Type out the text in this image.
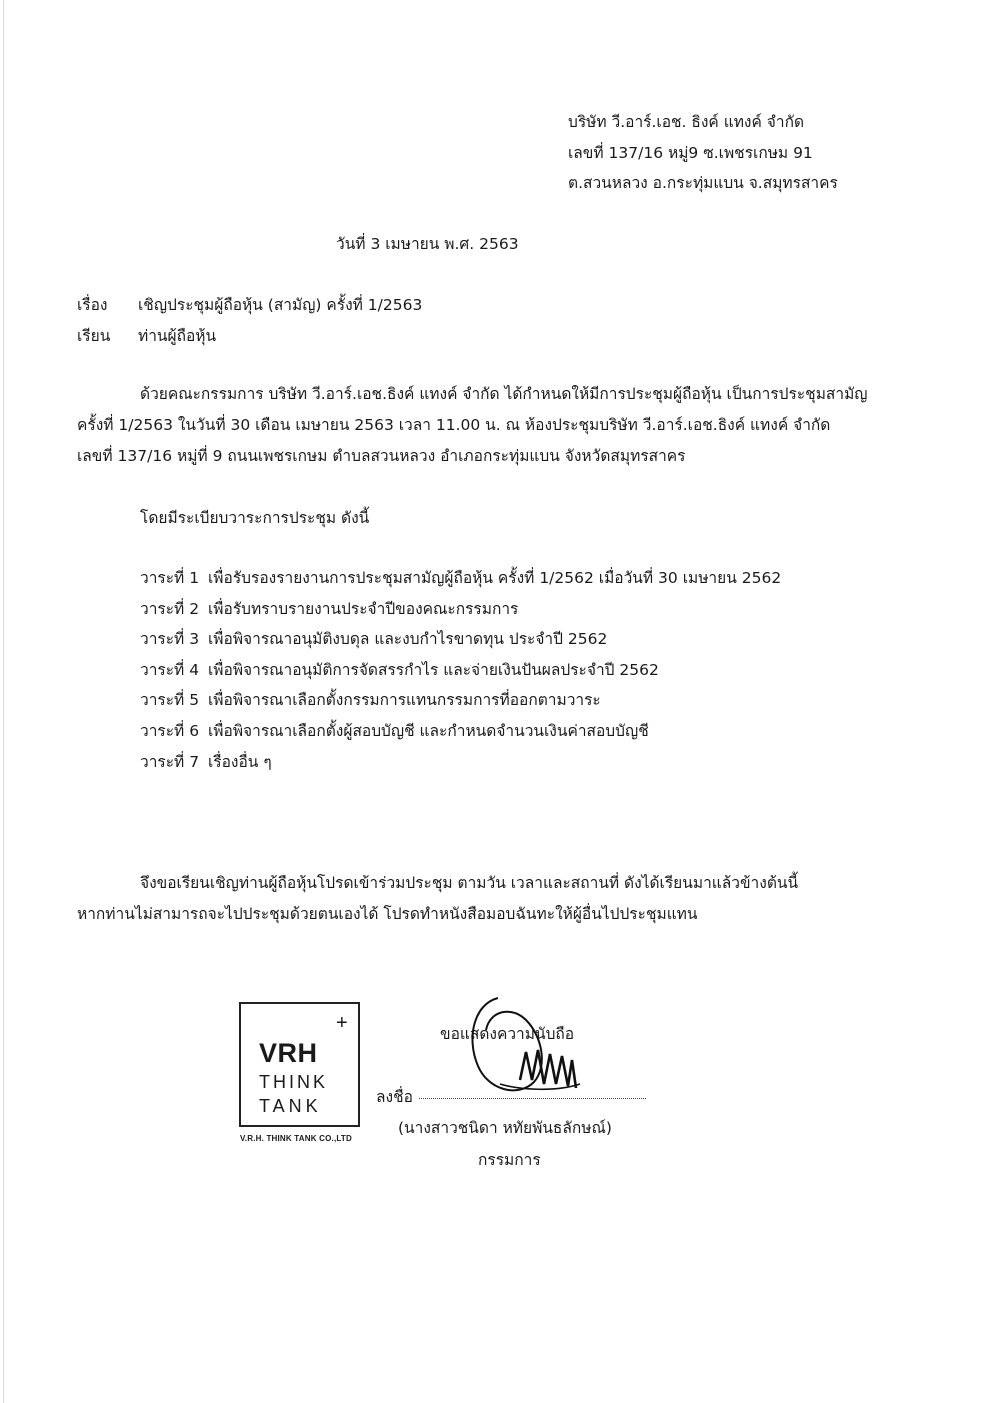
บริษัท วี.อาร์.เอช. ธิงค์ แทงค์ จำกัด
เลขที่ 137/16 หมู่9 ซ.เพชรเกษม 91
ต.สวนหลวง อ.กระทุ่มแบน จ.สมุทรสาคร
วันที่ 3 เมษายน พ.ศ. 2563
เรื่อง เชิญประชุมผู้ถือหุ้น (สามัญ) ครั้งที่ 1/2563
เรียน ท่านผู้ถือหุ้น
ด้วยคณะกรรมการ บริษัท วี.อาร์.เอช.ธิงค์ แทงค์ จำกัด ได้กำหนดให้มีการประชุมผู้ถือหุ้น เป็นการประชุมสามัญ
ครั้งที่ 1/2563 ในวันที่ 30 เดือน เมษายน 2563 เวลา 11.00 น. ณ ห้องประชุมบริษัท วี.อาร์.เอช.ธิงค์ แทงค์ จำกัด
เลขที่ 137/16 หมู่ที่ 9 ถนนเพชรเกษม ตำบลสวนหลวง อำเภอกระทุ่มแบน จังหวัดสมุทรสาคร
โดยมีระเบียบวาระการประชุม ดังนี้
วาระที่ 1 เพื่อรับรองรายงานการประชุมสามัญผู้ถือหุ้น ครั้งที่ 1/2562 เมื่อวันที่ 30 เมษายน 2562
วาระที่ 2 เพื่อรับทราบรายงานประจำปีของคณะกรรมการ
วาระที่ 3 เพื่อพิจารณาอนุมัติงบดุล และงบกำไรขาดทุน ประจำปี 2562
วาระที่ 4 เพื่อพิจารณาอนุมัติการจัดสรรกำไร และจ่ายเงินปันผลประจำปี 2562
วาระที่ 5 เพื่อพิจารณาเลือกตั้งกรรมการแทนกรรมการที่ออกตามวาระ
วาระที่ 6 เพื่อพิจารณาเลือกตั้งผู้สอบบัญชี และกำหนดจำนวนเงินค่าสอบบัญชี
วาระที่ 7 เรื่องอื่น ๆ
จึงขอเรียนเชิญท่านผู้ถือหุ้นโปรดเข้าร่วมประชุม ตามวัน เวลาและสถานที่ ดังได้เรียนมาแล้วข้างต้นนี้
หากท่านไม่สามารถจะไปประชุมด้วยตนเองได้ โปรดทำหนังสือมอบฉันทะให้ผู้อื่นไปประชุมแทน
+
VRH
THINK
TANK
V.R.H. THINK TANK CO.,LTD
ขอแสดงความนับถือ
ลงชื่อ
(นางสาวชนิดา หทัยพันธลักษณ์)
กรรมการ
